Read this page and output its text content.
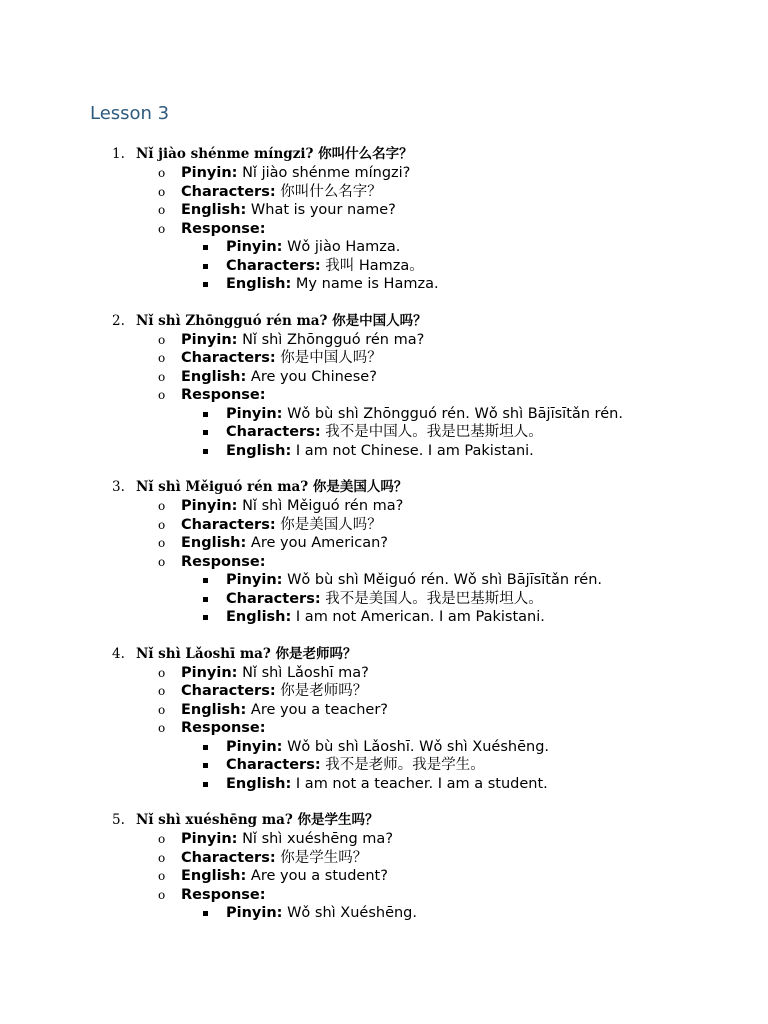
Lesson 3
1. Nǐ jiào shénme míngzi? 你叫什么名字？
o Pinyin: Nǐ jiào shénme míngzi?
o Characters: 你叫什么名字？
o English: What is your name?
o Response:
Pinyin: Wǒ jiào Hamza.
Characters: 我叫 Hamza。
English: My name is Hamza.
2. Nǐ shì Zhōngguó rén ma? 你是中国人吗？
o Pinyin: Nǐ shì Zhōngguó rén ma?
o Characters: 你是中国人吗？
o English: Are you Chinese?
o Response:
Pinyin: Wǒ bù shì Zhōngguó rén. Wǒ shì Bājīsītǎn rén.
Characters: 我不是中国人。我是巴基斯坦人。
English: I am not Chinese. I am Pakistani.
3. Nǐ shì Měiguó rén ma? 你是美国人吗？
o Pinyin: Nǐ shì Měiguó rén ma?
o Characters: 你是美国人吗？
o English: Are you American?
o Response:
Pinyin: Wǒ bù shì Měiguó rén. Wǒ shì Bājīsītǎn rén.
Characters: 我不是美国人。我是巴基斯坦人。
English: I am not American. I am Pakistani.
4. Nǐ shì Lǎoshī ma? 你是老师吗？
o Pinyin: Nǐ shì Lǎoshī ma?
o Characters: 你是老师吗？
o English: Are you a teacher?
o Response:
Pinyin: Wǒ bù shì Lǎoshī. Wǒ shì Xuéshēng.
Characters: 我不是老师。我是学生。
English: I am not a teacher. I am a student.
5. Nǐ shì xuéshēng ma? 你是学生吗？
o Pinyin: Nǐ shì xuéshēng ma?
o Characters: 你是学生吗？
o English: Are you a student?
o Response:
Pinyin: Wǒ shì Xuéshēng.
